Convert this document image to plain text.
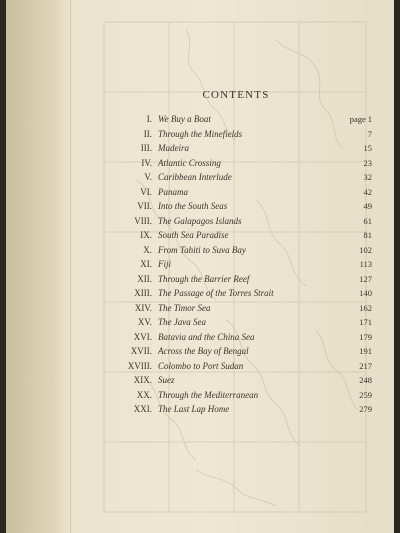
CONTENTS
I. We Buy a Boat	page 1
II. Through the Minefields	7
III. Madeira	15
IV. Atlantic Crossing	23
V. Caribbean Interlude	32
VI. Panama	42
VII. Into the South Seas	49
VIII. The Galapagos Islands	61
IX. South Sea Paradise	81
X. From Tahiti to Suva Bay	102
XI. Fiji	113
XII. Through the Barrier Reef	127
XIII. The Passage of the Torres Strait	140
XIV. The Timor Sea	162
XV. The Java Sea	171
XVI. Batavia and the China Sea	179
XVII. Across the Bay of Bengal	191
XVIII. Colombo to Port Sudan	217
XIX. Suez	248
XX. Through the Mediterranean	259
XXI. The Last Lap Home	279
